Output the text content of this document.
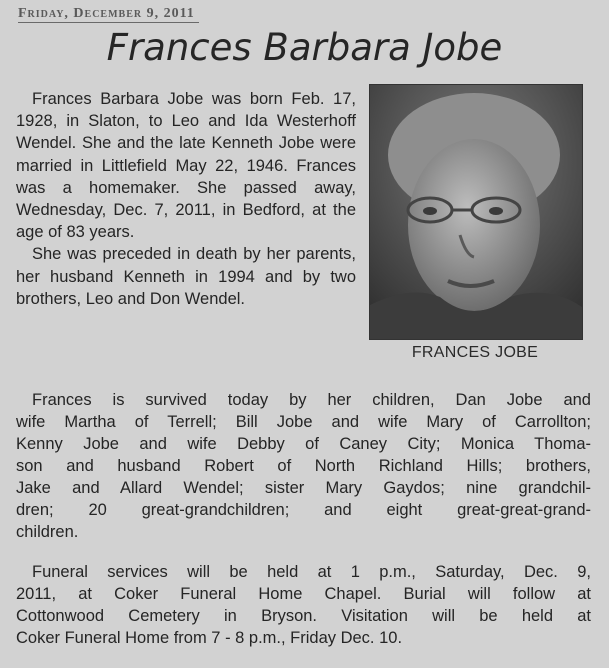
Friday, December 9, 2011
Frances Barbara Jobe
FRANCES JOBE

Frances Barbara Jobe was born Feb. 17, 1928, in Slaton, to Leo and Ida Westerhoff Wendel. She and the late Kenneth Jobe were married in Littlefield May 22, 1946. Frances was a homemaker. She passed away, Wednesday, Dec. 7, 2011, in Bedford, at the age of 83 years.

She was preceded in death by her parents, her husband Kenneth in 1994 and by two brothers, Leo and Don Wendel.

Frances is survived today by her children, Dan Jobe and
wife Martha of Terrell; Bill Jobe and wife Mary of Carrollton;
Kenny Jobe and wife Debby of Caney City; Monica Thoma-
son and husband Robert of North Richland Hills; brothers,
Jake and Allard Wendel; sister Mary Gaydos; nine grandchil-
dren; 20 great-grandchildren; and eight great-great-grand-
children.
Funeral services will be held at 1 p.m., Saturday, Dec. 9,
2011, at Coker Funeral Home Chapel. Burial will follow at
Cottonwood Cemetery in Bryson. Visitation will be held at
Coker Funeral Home from 7 - 8 p.m., Friday Dec. 10.
